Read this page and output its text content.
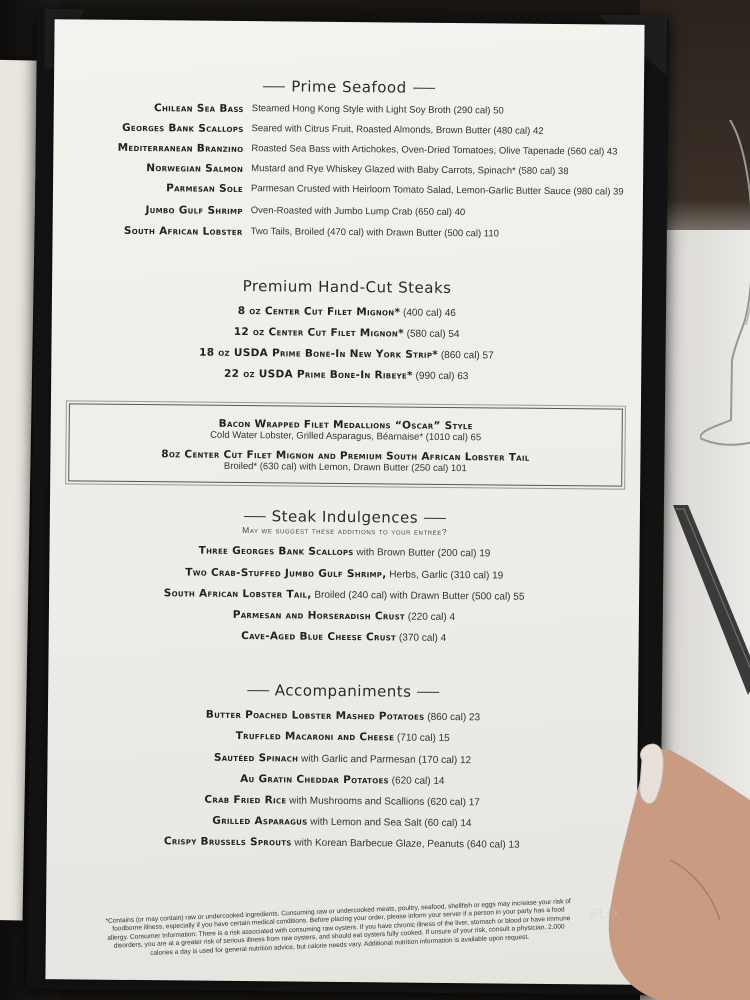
Prime Seafood
Chilean Sea Bass Steamed Hong Kong Style with Light Soy Broth (290 cal) 50
Georges Bank Scallops Seared with Citrus Fruit, Roasted Almonds, Brown Butter (480 cal) 42
Mediterranean Branzino Roasted Sea Bass with Artichokes, Oven-Dried Tomatoes, Olive Tapenade (560 cal) 43
Norwegian Salmon Mustard and Rye Whiskey Glazed with Baby Carrots, Spinach* (580 cal) 38
Parmesan Sole Parmesan Crusted with Heirloom Tomato Salad, Lemon-Garlic Butter Sauce (980 cal) 39
Jumbo Gulf Shrimp Oven-Roasted with Jumbo Lump Crab (650 cal) 40
South African Lobster Two Tails, Broiled (470 cal) with Drawn Butter (500 cal) 110
Premium Hand-Cut Steaks
8 oz Center Cut Filet Mignon* (400 cal) 46
12 oz Center Cut Filet Mignon* (580 cal) 54
18 oz USDA Prime Bone-In New York Strip* (860 cal) 57
22 oz USDA Prime Bone-In Ribeye* (990 cal) 63
Bacon Wrapped Filet Medallions “Oscar” Style
Cold Water Lobster, Grilled Asparagus, Béarnaise* (1010 cal) 65
8oz Center Cut Filet Mignon and Premium South African Lobster Tail
Broiled* (630 cal) with Lemon, Drawn Butter (250 cal) 101
Steak Indulgences
May we suggest these additions to your entrée?
Three Georges Bank Scallops with Brown Butter (200 cal) 19
Two Crab-Stuffed Jumbo Gulf Shrimp, Herbs, Garlic (310 cal) 19
South African Lobster Tail, Broiled (240 cal) with Drawn Butter (500 cal) 55
Parmesan and Horseradish Crust (220 cal) 4
Cave-Aged Blue Cheese Crust (370 cal) 4
Accompaniments
Butter Poached Lobster Mashed Potatoes (860 cal) 23
Truffled Macaroni and Cheese (710 cal) 15
Sautéed Spinach with Garlic and Parmesan (170 cal) 12
Au Gratin Cheddar Potatoes (620 cal) 14
Crab Fried Rice with Mushrooms and Scallions (620 cal) 17
Grilled Asparagus with Lemon and Sea Salt (60 cal) 14
Crispy Brussels Sprouts with Korean Barbecue Glaze, Peanuts (640 cal) 13
*Contains (or may contain) raw or undercooked ingredients. Consuming raw or undercooked meats, poultry, seafood, shellfish or eggs may increase your risk of foodborne illness, especially if you have certain medical conditions. Before placing your order, please inform your server if a person in your party has a food allergy. Consumer Information: There is a risk associated with consuming raw oysters. If you have chronic illness of the liver, stomach or blood or have immune disorders, you are at a greater risk of serious illness from raw oysters, and should eat oysters fully cooked. If unsure of your risk, consult a physician. 2,000 calories a day is used for general nutrition advice, but calorie needs vary. Additional nutrition information is available upon request.
FLIX
